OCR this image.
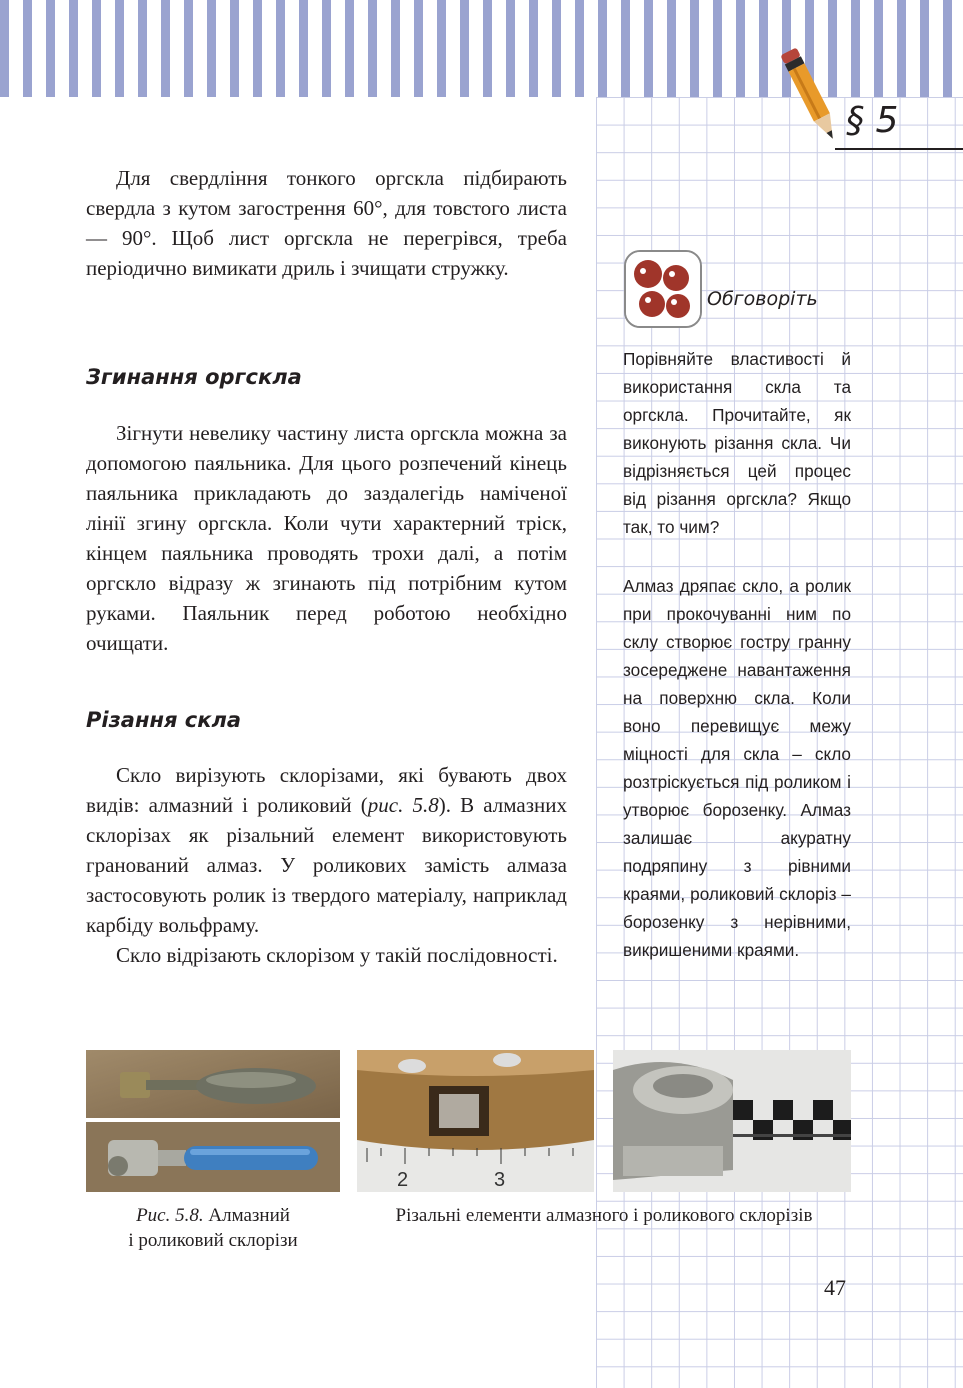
§ 5

Для свердління тонкого оргскла підбирають свердла з кутом загострення 60°, для товстого листа — 90°. Щоб лист оргскла не перегрівся, треба періодично вимикати дриль і зчищати стружку.

Згинання оргскла

Зігнути невелику частину листа оргскла можна за допомогою паяльника. Для цього розпечений кінець паяльника прикладають до заздалегідь наміченої лінії згину оргскла. Коли чути характерний тріск, кінцем паяльника проводять трохи далі, а потім оргскло відразу ж згинають під потрібним кутом руками. Паяльник перед роботою необхідно очищати.

Різання скла

Скло вирізують склорізами, які бувають двох видів: алмазний і роликовий (рис. 5.8). В алмазних склорізах як різальний елемент використовують гранований алмаз. У роликових замість алмаза застосовують ролик із твердого матеріалу, наприклад карбіду вольфраму.

Скло відрізають склорізом у такій послідовності.

Обговоріть

Порівняйте властивості й використання скла та оргскла. Прочитайте, як виконують різання скла. Чи відрізняється цей процес від різання оргскла? Якщо так, то чим?

Алмаз дряпає скло, а ролик при прокочуванні ним по склу створює гостру гранну зосереджене навантаження на поверхню скла. Коли воно перевищує межу міцності для скла – скло розтріскується під роликом і утворює борозенку. Алмаз залишає акуратну подряпину з рівними краями, роликовий склоріз – борозенку з нерівними, викришеними краями.

2	3
Рис. 5.8. Алмазний
і роликовий склорізи
Різальні елементи алмазного і роликового склорізів
47
